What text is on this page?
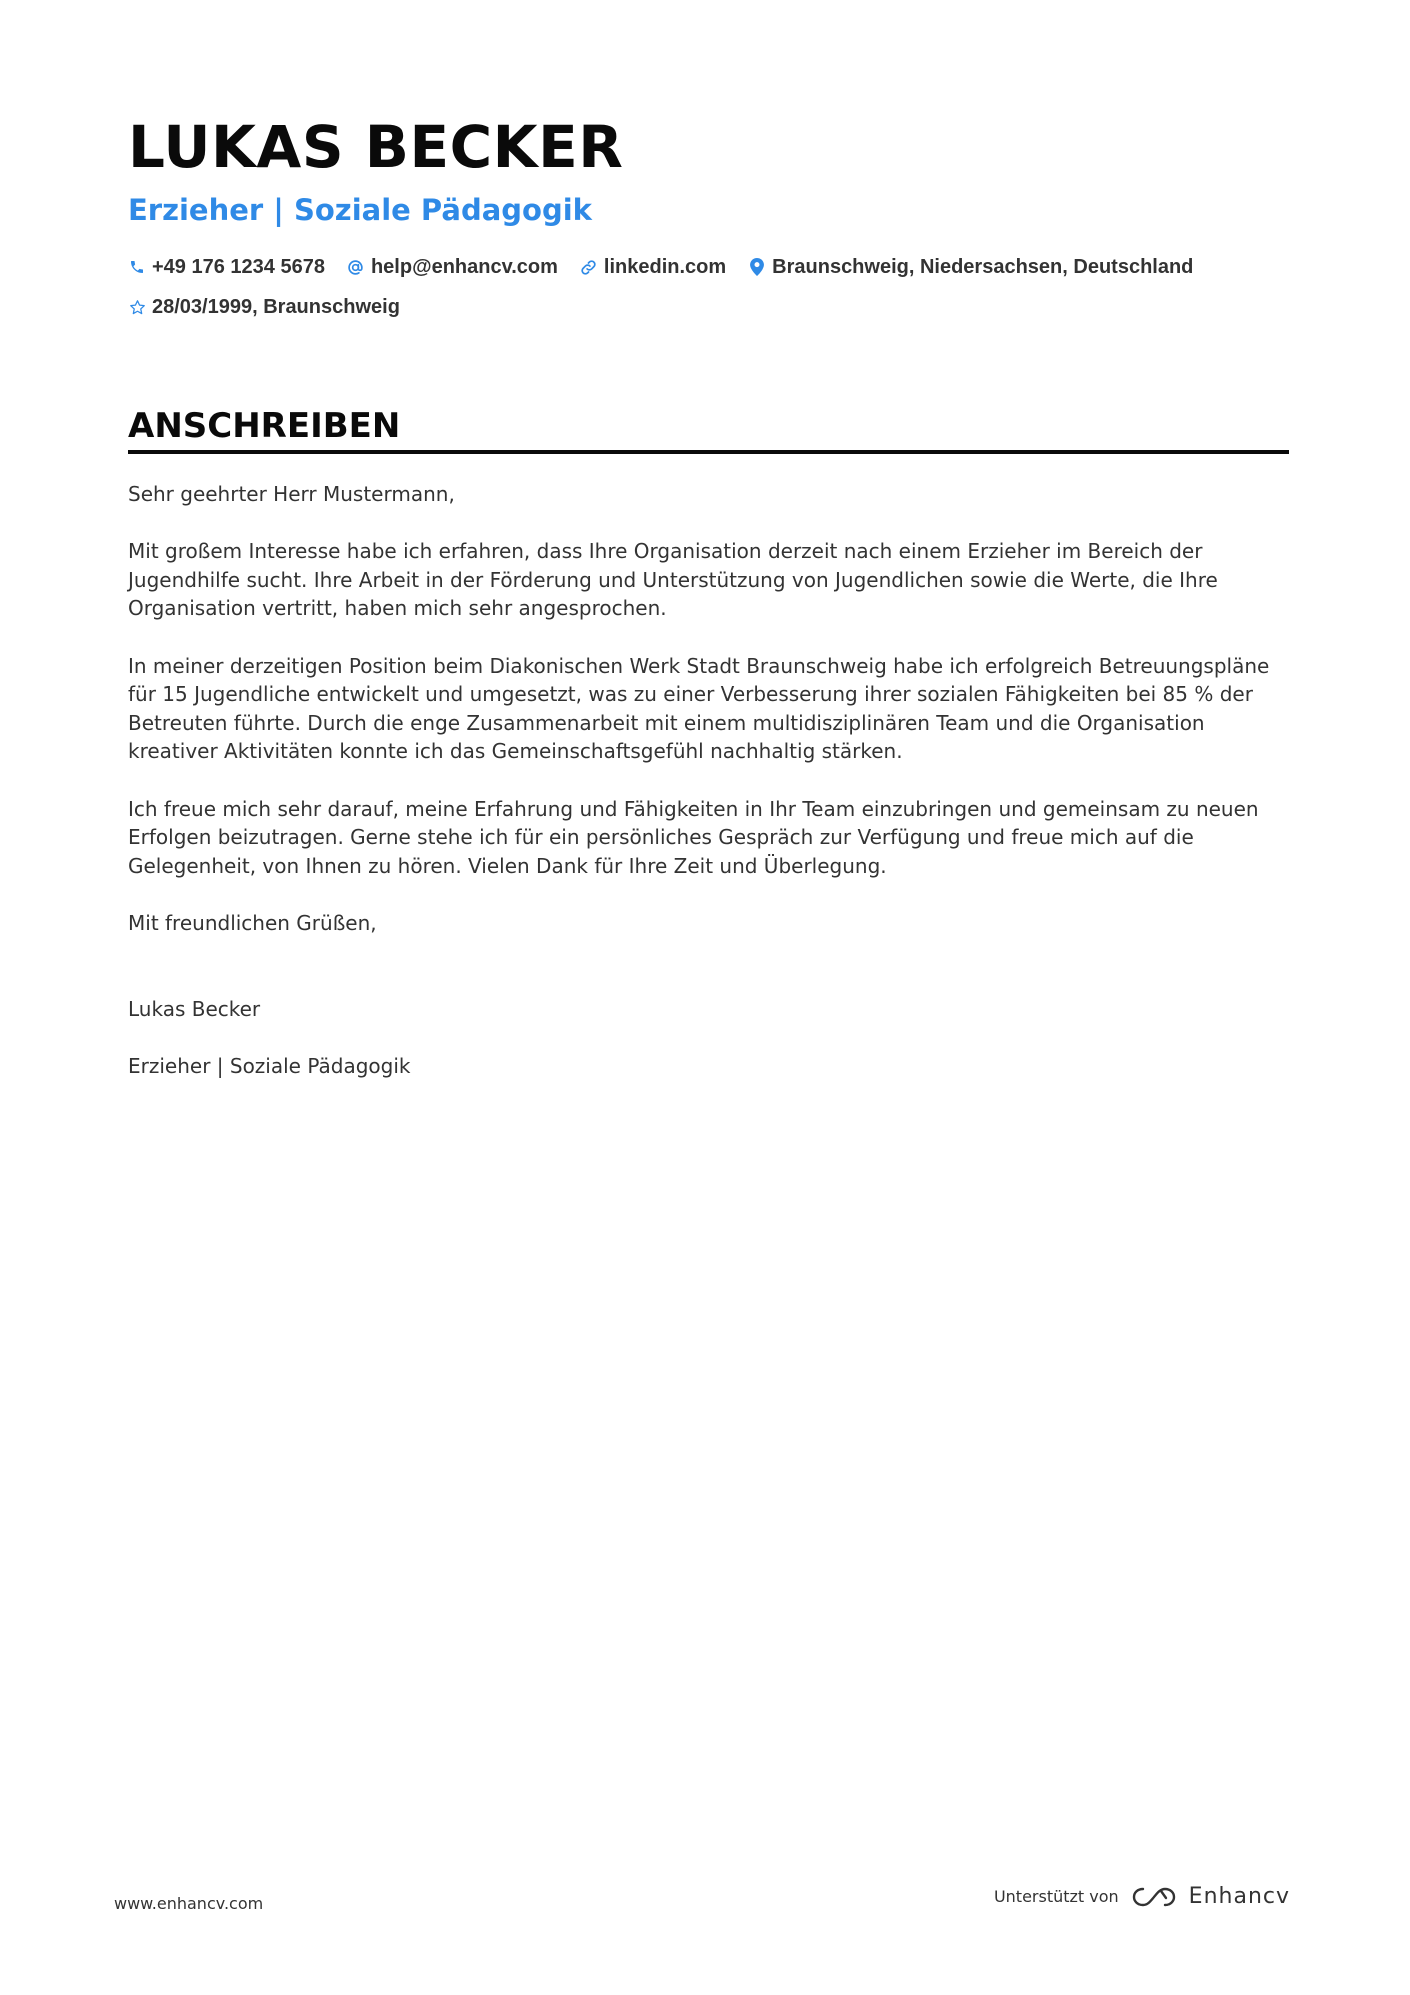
LUKAS BECKER
Erzieher | Soziale Pädagogik
+49 176 1234 5678 help@enhancv.com linkedin.com Braunschweig, Niedersachsen, Deutschland
28/03/1999, Braunschweig
ANSCHREIBEN

Sehr geehrter Herr Mustermann,

Mit großem Interesse habe ich erfahren, dass Ihre Organisation derzeit nach einem Erzieher im Bereich der Jugendhilfe sucht. Ihre Arbeit in der Förderung und Unterstützung von Jugendlichen sowie die Werte, die Ihre Organisation vertritt, haben mich sehr angesprochen.

In meiner derzeitigen Position beim Diakonischen Werk Stadt Braunschweig habe ich erfolgreich Betreuungspläne für 15 Jugendliche entwickelt und umgesetzt, was zu einer Verbesserung ihrer sozialen Fähigkeiten bei 85 % der Betreuten führte. Durch die enge Zusammenarbeit mit einem multidisziplinären Team und die Organisation kreativer Aktivitäten konnte ich das Gemeinschaftsgefühl nachhaltig stärken.

Ich freue mich sehr darauf, meine Erfahrung und Fähigkeiten in Ihr Team einzubringen und gemeinsam zu neuen Erfolgen beizutragen. Gerne stehe ich für ein persönliches Gespräch zur Verfügung und freue mich auf die Gelegenheit, von Ihnen zu hören. Vielen Dank für Ihre Zeit und Überlegung.

Mit freundlichen Grüßen,

Lukas Becker

Erzieher | Soziale Pädagogik

www.enhancv.com	Unterstützt von	Enhancv
